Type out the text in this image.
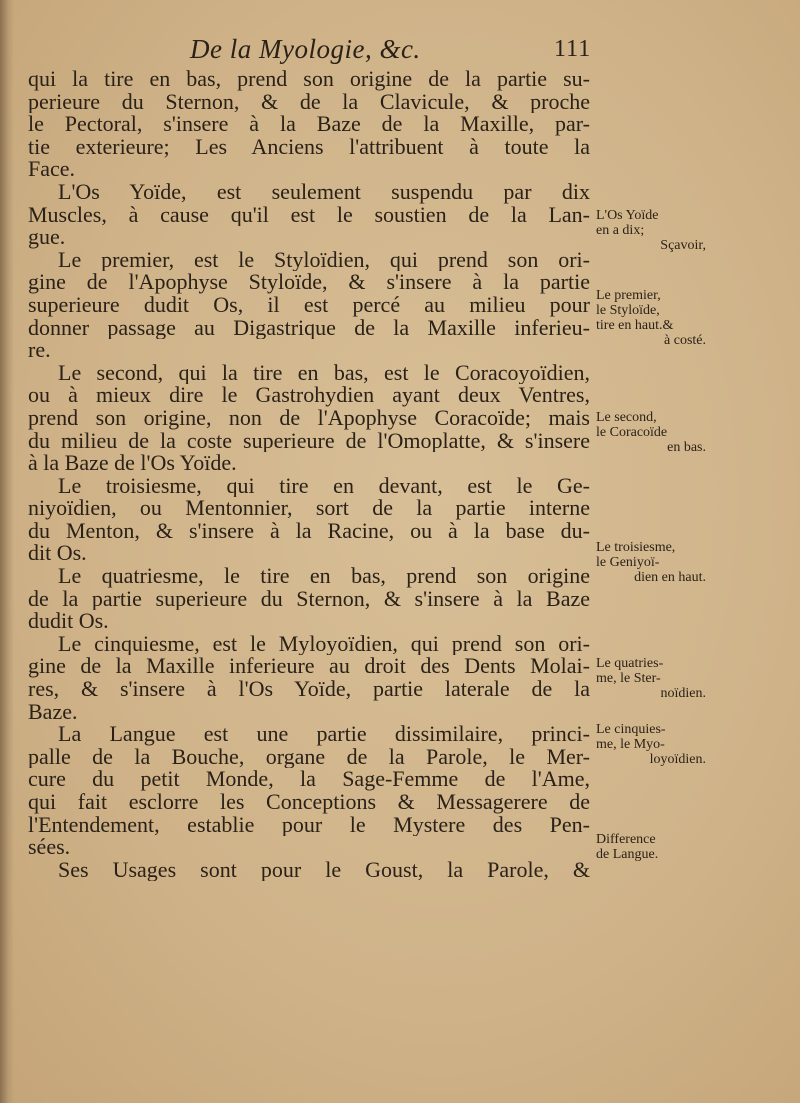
De la Myologie, &c.	111
qui la tire en bas, prend son origine de la partie su-
perieure du Sternon, & de la Clavicule, & proche
le Pectoral, s'insere à la Baze de la Maxille, par-
tie exterieure; Les Anciens l'attribuent à toute la
Face.
L'Os Yoïde, est seulement suspendu par dix
Muscles, à cause qu'il est le soustien de la Lan-
gue.
Le premier, est le Styloïdien, qui prend son ori-
gine de l'Apophyse Styloïde, & s'insere à la partie
superieure dudit Os, il est percé au milieu pour
donner passage au Digastrique de la Maxille inferieu-
re.
Le second, qui la tire en bas, est le Coracoyoïdien,
ou à mieux dire le Gastrohydien ayant deux Ventres,
prend son origine, non de l'Apophyse Coracoïde; mais
du milieu de la coste superieure de l'Omoplatte, & s'insere
à la Baze de l'Os Yoïde.
Le troisiesme, qui tire en devant, est le Ge-
niyoïdien, ou Mentonnier, sort de la partie interne
du Menton, & s'insere à la Racine, ou à la base du-
dit Os.
Le quatriesme, le tire en bas, prend son origine
de la partie superieure du Sternon, & s'insere à la Baze
dudit Os.
Le cinquiesme, est le Myloyoïdien, qui prend son ori-
gine de la Maxille inferieure au droit des Dents Molai-
res, & s'insere à l'Os Yoïde, partie laterale de la
Baze.
La Langue est une partie dissimilaire, princi-
palle de la Bouche, organe de la Parole, le Mer-
cure du petit Monde, la Sage-Femme de l'Ame,
qui fait esclorre les Conceptions & Messagerere de
l'Entendement, establie pour le Mystere des Pen-
sées.
Ses Usages sont pour le Goust, la Parole, &
L'Os Yoïde
en a dix;
Sçavoir,
Le premier,
le Styloïde,
tire en haut.&
à costé.
Le second,
le Coracoïde
en bas.
Le troisiesme,
le Geniyoï-
dien en haut.
Le quatries-
me, le Ster-
noïdien.
Le cinquies-
me, le Myo-
loyoïdien.
Difference
de Langue.
